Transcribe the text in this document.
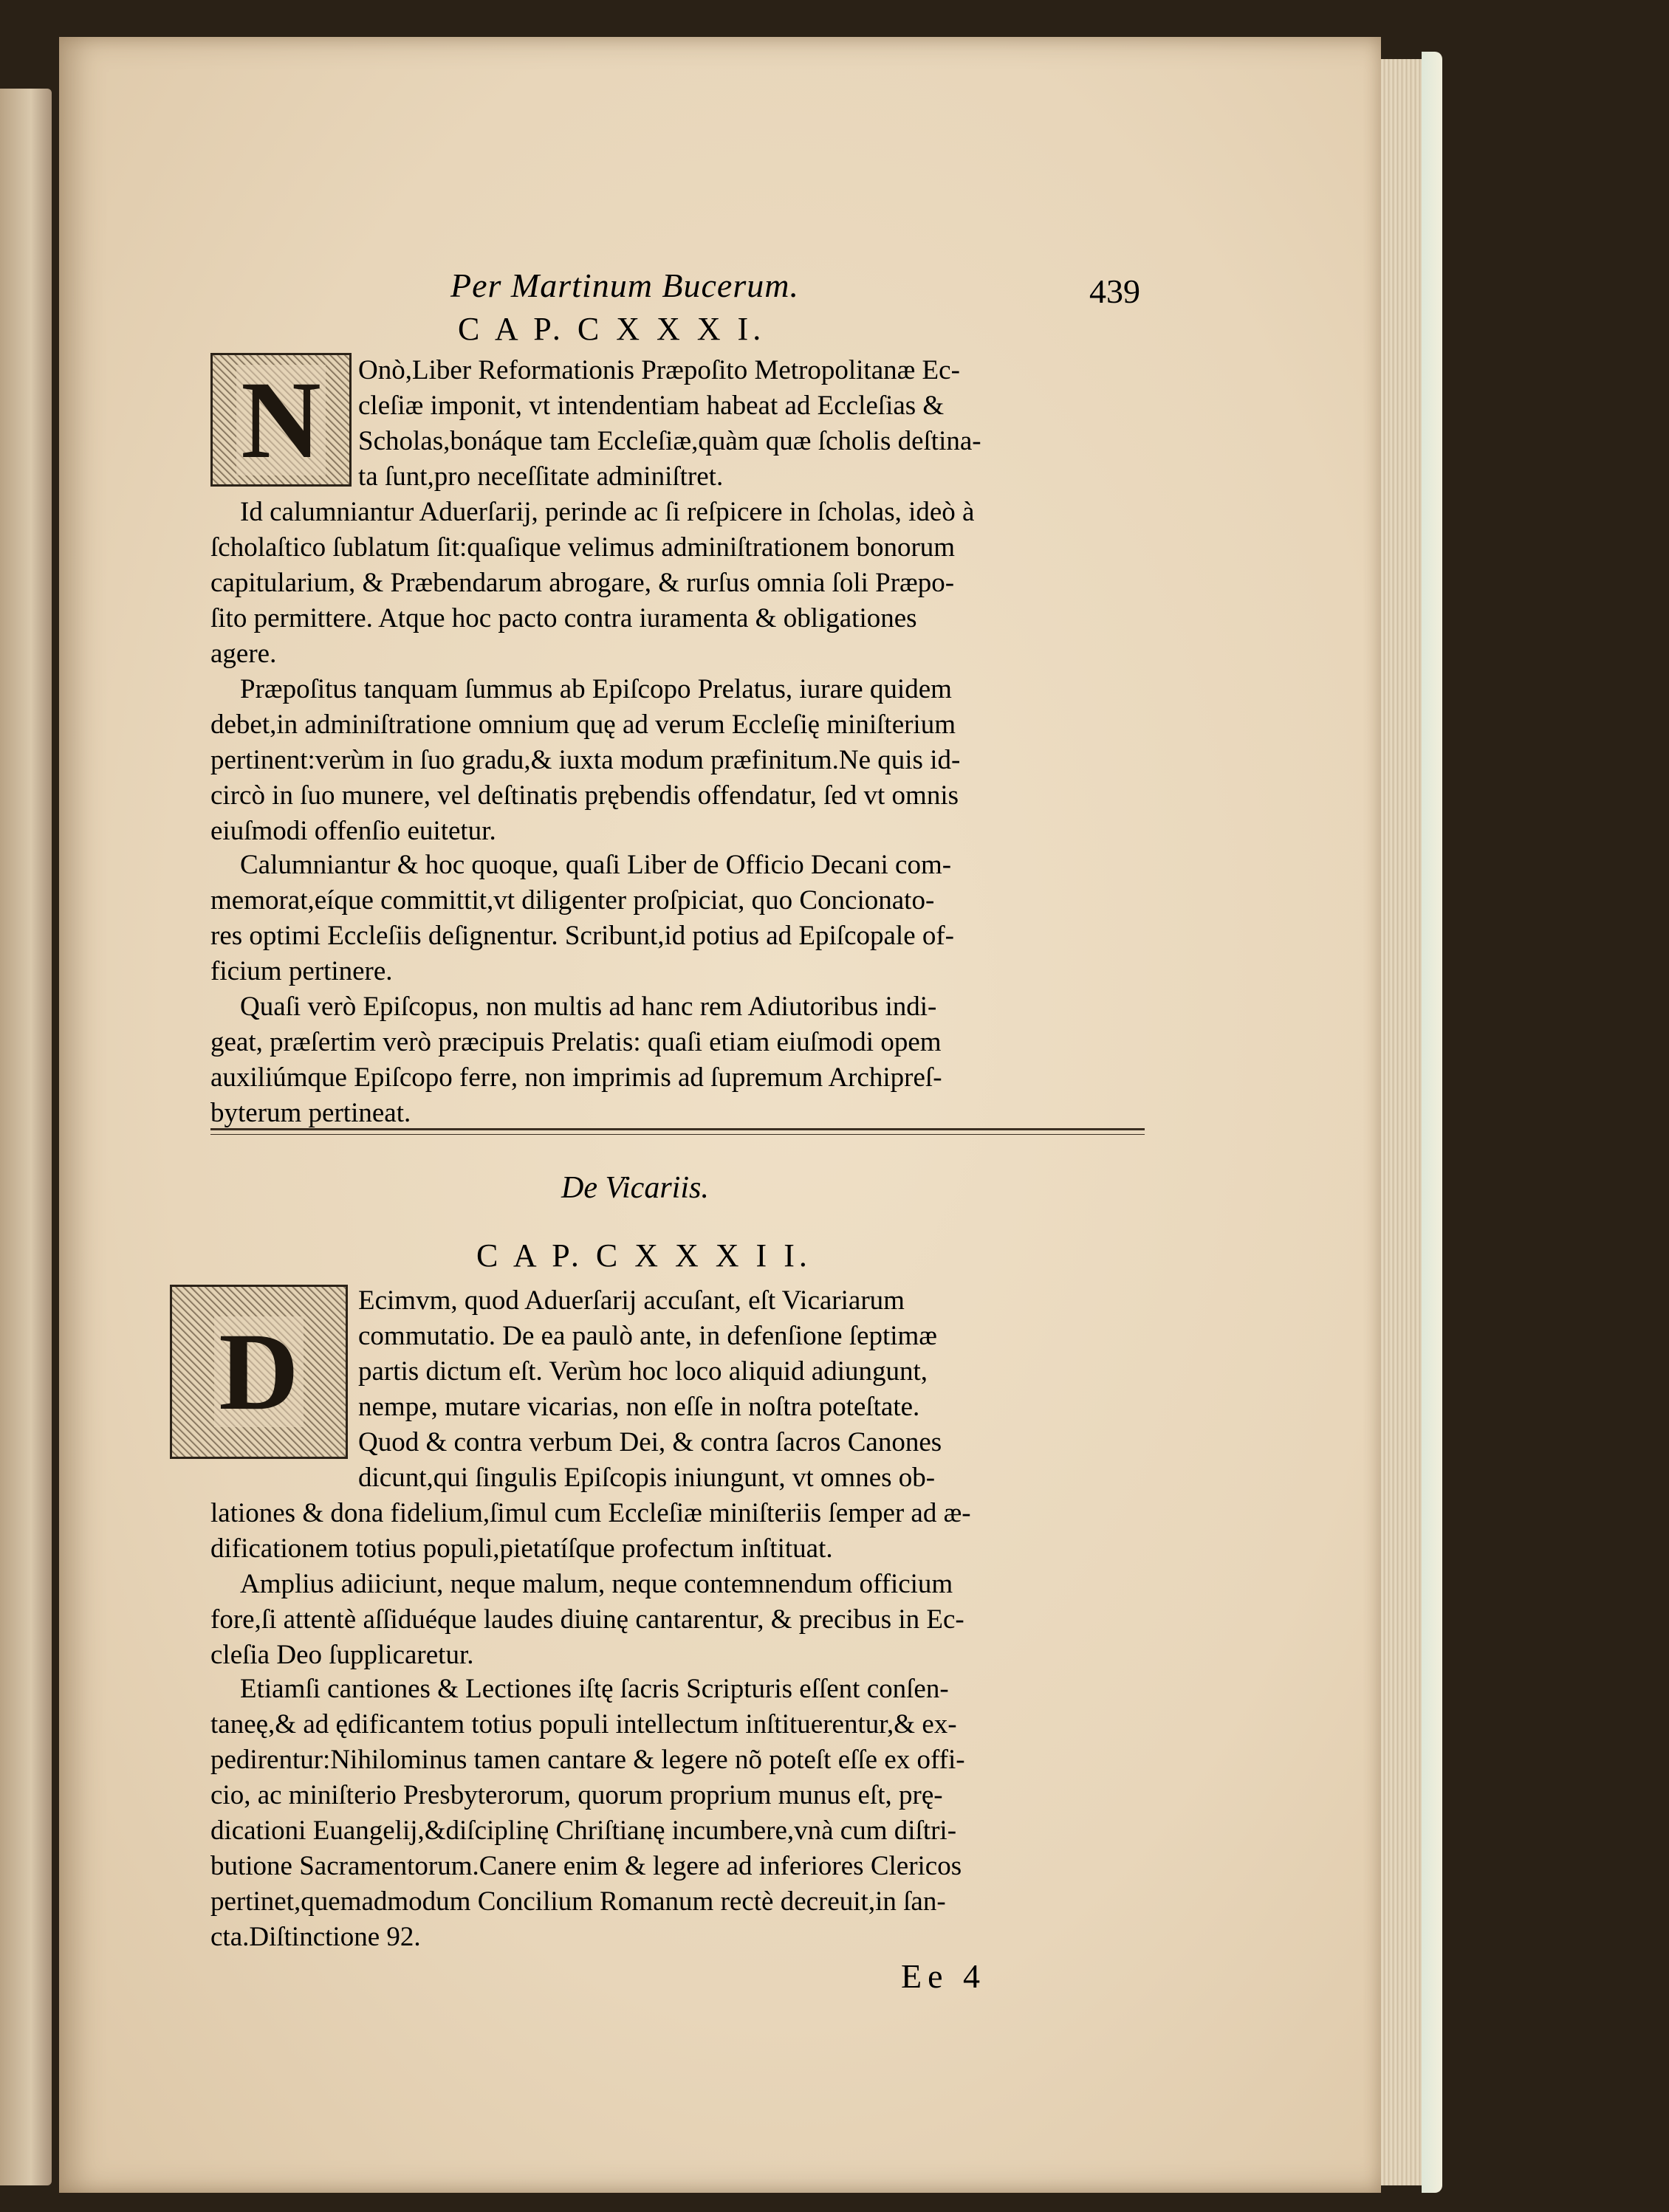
Per Martinum Bucerum.	439
C A P. C X X X I.
N Onò,Liber Reformationis Præpoſito Metropolitanæ Ec-
cleſiæ imponit, vt intendentiam habeat ad Eccleſias &
Scholas,bonáque tam Eccleſiæ,quàm quæ ſcholis deſtina-
ta ſunt,pro neceſſitate adminiſtret.
Id calumniantur Aduerſarij, perinde ac ſi reſpicere in ſcholas, ideò à
ſcholaſtico ſublatum ſit:quaſique velimus adminiſtrationem bonorum
capitularium, & Præbendarum abrogare, & rurſus omnia ſoli Præpo-
ſito permittere. Atque hoc pacto contra iuramenta & obligationes
agere.
Præpoſitus tanquam ſummus ab Epiſcopo Prelatus, iurare quidem
debet,in adminiſtratione omnium quę ad verum Eccleſię miniſterium
pertinent:verùm in ſuo gradu,& iuxta modum præfinitum.Ne quis id-
circò in ſuo munere, vel deſtinatis prębendis offendatur, ſed vt omnis
eiuſmodi offenſio euitetur.
Calumniantur & hoc quoque, quaſi Liber de Officio Decani com-
memorat,eíque committit,vt diligenter proſpiciat, quo Concionato-
res optimi Eccleſiis deſignentur. Scribunt,id potius ad Epiſcopale of-
ficium pertinere.
Quaſi verò Epiſcopus, non multis ad hanc rem Adiutoribus indi-
geat, præſertim verò præcipuis Prelatis: quaſi etiam eiuſmodi opem
auxiliúmque Epiſcopo ferre, non imprimis ad ſupremum Archipreſ-
byterum pertineat.
De Vicariis.
C A P. C X X X I I.
D
Ecimvm, quod Aduerſarij accuſant, eſt Vicariarum
commutatio. De ea paulò ante, in defenſione ſeptimæ
partis dictum eſt. Verùm hoc loco aliquid adiungunt,
nempe, mutare vicarias, non eſſe in noſtra poteſtate.
Quod & contra verbum Dei, & contra ſacros Canones
dicunt,qui ſingulis Epiſcopis iniungunt, vt omnes ob-
lationes & dona fidelium,ſimul cum Eccleſiæ miniſteriis ſemper ad æ-
dificationem totius populi,pietatíſque profectum inſtituat.
Amplius adiiciunt, neque malum, neque contemnendum officium
fore,ſi attentè aſſiduéque laudes diuinę cantarentur, & precibus in Ec-
cleſia Deo ſupplicaretur.
Etiamſi cantiones & Lectiones iſtę ſacris Scripturis eſſent conſen-
taneę,& ad ędificantem totius populi intellectum inſtituerentur,& ex-
pedirentur:Nihilominus tamen cantare & legere nõ poteſt eſſe ex offi-
cio, ac miniſterio Presbyterorum, quorum proprium munus eſt, prę-
dicationi Euangelij,&diſciplinę Chriſtianę incumbere,vnà cum diſtri-
butione Sacramentorum.Canere enim & legere ad inferiores Clericos
pertinet,quemadmodum Concilium Romanum rectè decreuit,in ſan-
cta.Diſtinctione 92.
Ee 4
